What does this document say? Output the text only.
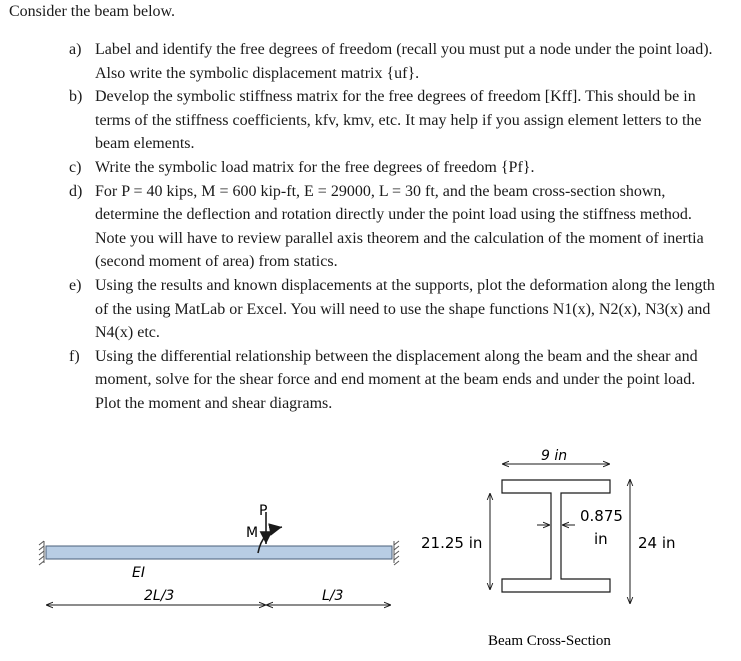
Consider the beam below.
a) Label and identify the free degrees of freedom (recall you must put a node under the point load). Also write the symbolic displacement matrix {uf}.
b) Develop the symbolic stiffness matrix for the free degrees of freedom [Kff]. This should be in terms of the stiffness coefficients, kfv, kmv, etc. It may help if you assign element letters to the beam elements.
c) Write the symbolic load matrix for the free degrees of freedom {Pf}.
d) For P = 40 kips, M = 600 kip-ft, E = 29000, L = 30 ft, and the beam cross-section shown, determine the deflection and rotation directly under the point load using the stiffness method. Note you will have to review parallel axis theorem and the calculation of the moment of inertia (second moment of area) from statics.
e) Using the results and known displacements at the supports, plot the deformation along the length of the using MatLab or Excel. You will need to use the shape functions N1(x), N2(x), N3(x) and N4(x) etc.
f) Using the differential relationship between the displacement along the beam and the shear and moment, solve for the shear force and end moment at the beam ends and under the point load. Plot the moment and shear diagrams.
P
M
EI
2L/3	L/3
9 in
21.25 in	24 in
0.875
in
Beam Cross-Section
